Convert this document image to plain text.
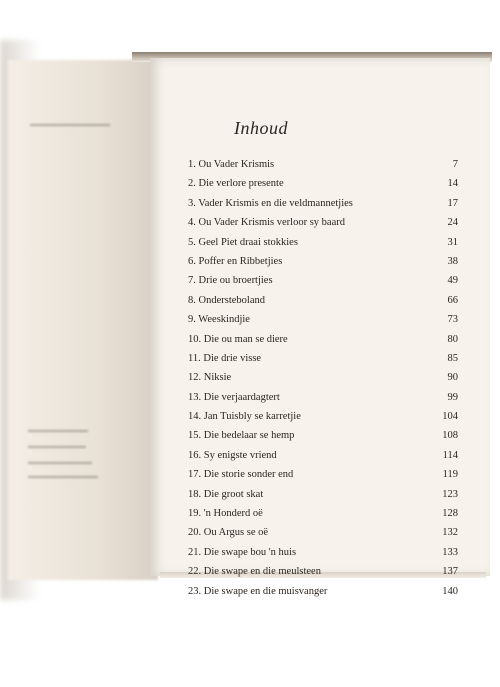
Inhoud
1. Ou Vader Krismis	7
2. Die verlore presente	14
3. Vader Krismis en die veldmannetjies	17
4. Ou Vader Krismis verloor sy baard	24
5. Geel Piet draai stokkies	31
6. Poffer en Ribbetjies	38
7. Drie ou broertjies	49
8. Ondersteboland	66
9. Weeskindjie	73
10. Die ou man se diere	80
11. Die drie visse	85
12. Niksie	90
13. Die verjaardagtert	99
14. Jan Tuisbly se karretjie	104
15. Die bedelaar se hemp	108
16. Sy enigste vriend	114
17. Die storie sonder end	119
18. Die groot skat	123
19. 'n Honderd oë	128
20. Ou Argus se oë	132
21. Die swape bou 'n huis	133
22. Die swape en die meulsteen	137
23. Die swape en die muisvanger	140
